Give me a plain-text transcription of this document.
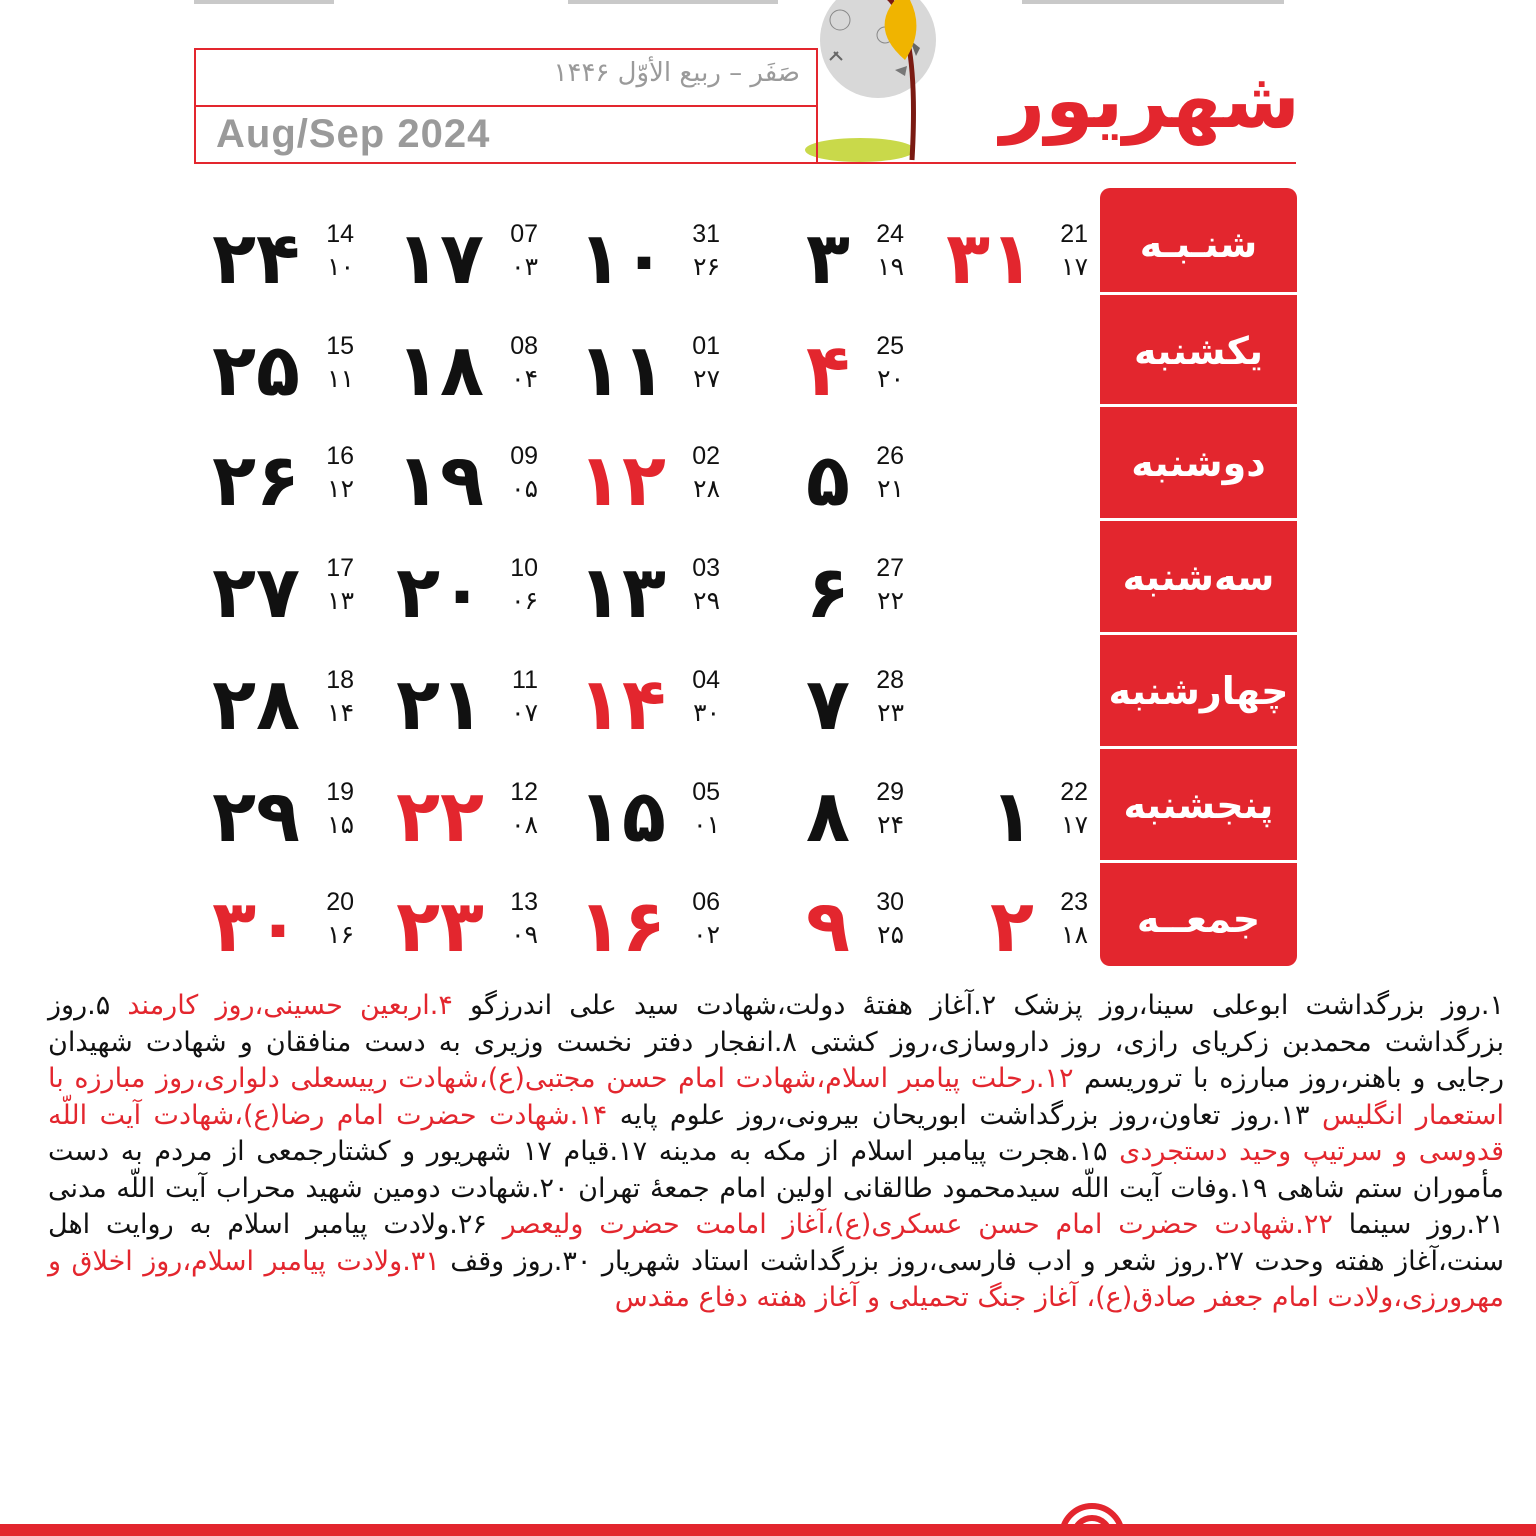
صَفَر – ربیع الأوّل ۱۴۴۶
Aug/Sep 2024	شهریور
شنـبـه
یکشنبه
دوشنبه
سه‌شنبه
چهارشنبه
پنجشنبه
جمعــه
۳۱ 21
۱۷
۳ 24
۱۹
۱۰ 31
۲۶
۱۷ 07
۰۳
۲۴ 14
۱۰
۴ 25
۲۰
۱۱ 01
۲۷
۱۸ 08
۰۴
۲۵ 15
۱۱
۵ 26
۲۱
۱۲ 02
۲۸
۱۹ 09
۰۵
۲۶ 16
۱۲
۶ 27
۲۲
۱۳ 03
۲۹
۲۰ 10
۰۶
۲۷ 17
۱۳
۷ 28
۲۳
۱۴ 04
۳۰
۲۱ 11
۰۷
۲۸ 18
۱۴
۱ 22
۱۷
۸ 29
۲۴
۱۵ 05
۰۱
۲۲ 12
۰۸
۲۹ 19
۱۵
۲ 23
۱۸
۹ 30
۲۵
۱۶ 06
۰۲
۲۳ 13
۰۹
۳۰ 20
۱۶
۱.روز بزرگداشت ابوعلی سینا،روز پزشک ۲.آغاز هفتهٔ دولت،شهادت سید علی اندرزگو ۴.اربعین حسینی،روز کارمند ۵.روز بزرگداشت محمدبن زکریای رازی، روز داروسازی،روز کشتی ۸.انفجار دفتر نخست وزیری به دست منافقان و شهادت شهیدان رجایی و باهنر،روز مبارزه با تروریسم ۱۲.رحلت پیامبر اسلام،شهادت امام حسن مجتبی(ع)،شهادت رییسعلی دلواری،روز مبارزه با استعمار انگلیس ۱۳.روز تعاون،روز بزرگداشت ابوریحان بیرونی،روز علوم پایه ۱۴.شهادت حضرت امام رضا(ع)،شهادت آیت اللّه قدوسی و سرتیپ وحید دستجردی ۱۵.هجرت پیامبر اسلام از مکه به مدینه ۱۷.قیام ۱۷ شهریور و کشتارجمعی از مردم به دست مأموران ستم شاهی ۱۹.وفات آیت اللّه سیدمحمود طالقانی اولین امام جمعهٔ تهران ۲۰.شهادت دومین شهید محراب آیت اللّه مدنی ۲۱.روز سینما ۲۲.شهادت حضرت امام حسن عسکری(ع)،آغاز امامت حضرت ولیعصر ۲۶.ولادت پیامبر اسلام به روایت اهل سنت،آغاز هفته وحدت ۲۷.روز شعر و ادب فارسی،روز بزرگداشت استاد شهریار ۳۰.روز وقف ۳۱.ولادت پیامبر اسلام،روز اخلاق و مهرورزی،ولادت امام جعفر صادق(ع)، آغاز جنگ تحمیلی و آغاز هفته دفاع مقدس
